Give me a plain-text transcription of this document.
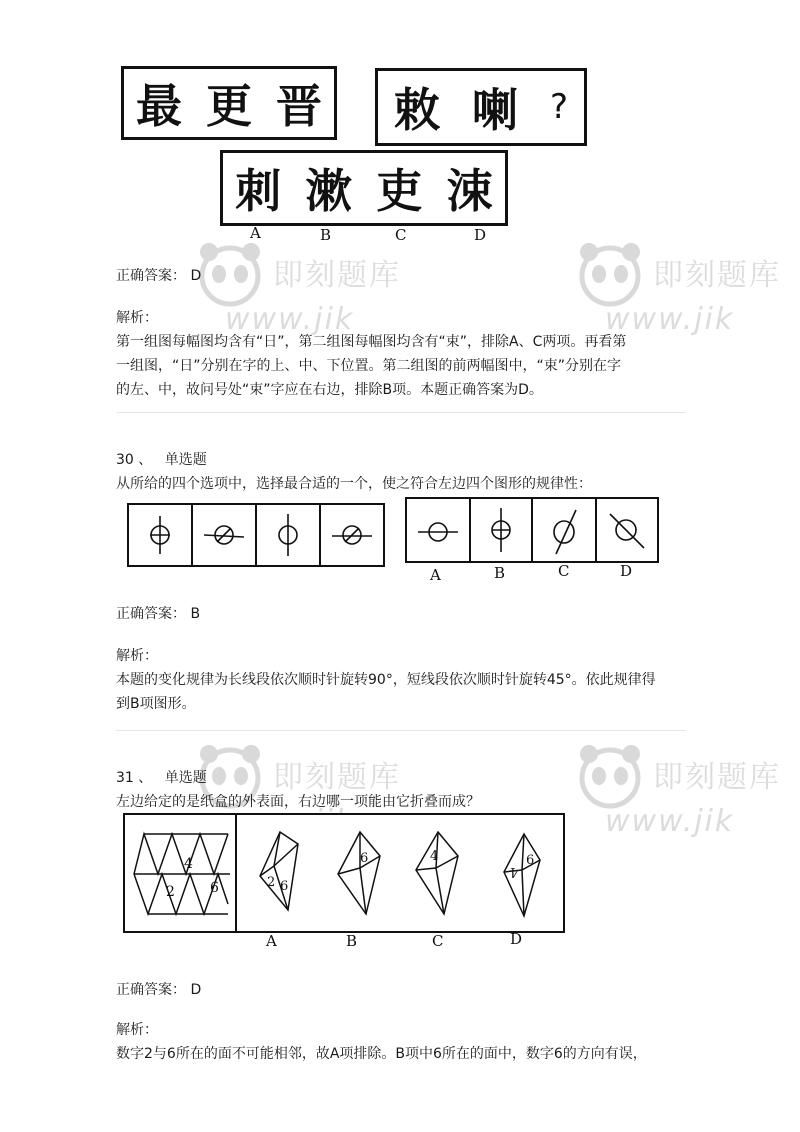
即刻题库
www.jik
即刻题库
www.jik
即刻题库	即刻题库
www.jik
最 更 晋 敕 喇 ?
刺 漱 吏 涑
A	B	C	D
正确答案： D
解析：
第一组图每幅图均含有“日”，第二组图每幅图均含有“束”，排除A、C两项。再看第
一组图，“日”分别在字的上、中、下位置。第二组图的前两幅图中，“束”分别在字
的左、中，故问号处“束”字应在右边，排除B项。本题正确答案为D。
30 、 单选题
从所给的四个选项中，选择最合适的一个，使之符合左边四个图形的规律性：
A	B	C	D
正确答案： B
解析：
本题的变化规律为长线段依次顺时针旋转90°，短线段依次顺时针旋转45°。依此规律得
到B项图形。
31 、 单选题
左边给定的是纸盒的外表面，右边哪一项能由它折叠而成？
4
2	6	2 6
6	4
4
6
A	B	C	D
正确答案： D
解析：
数字2与6所在的面不可能相邻，故A项排除。B项中6所在的面中，数字6的方向有误，
